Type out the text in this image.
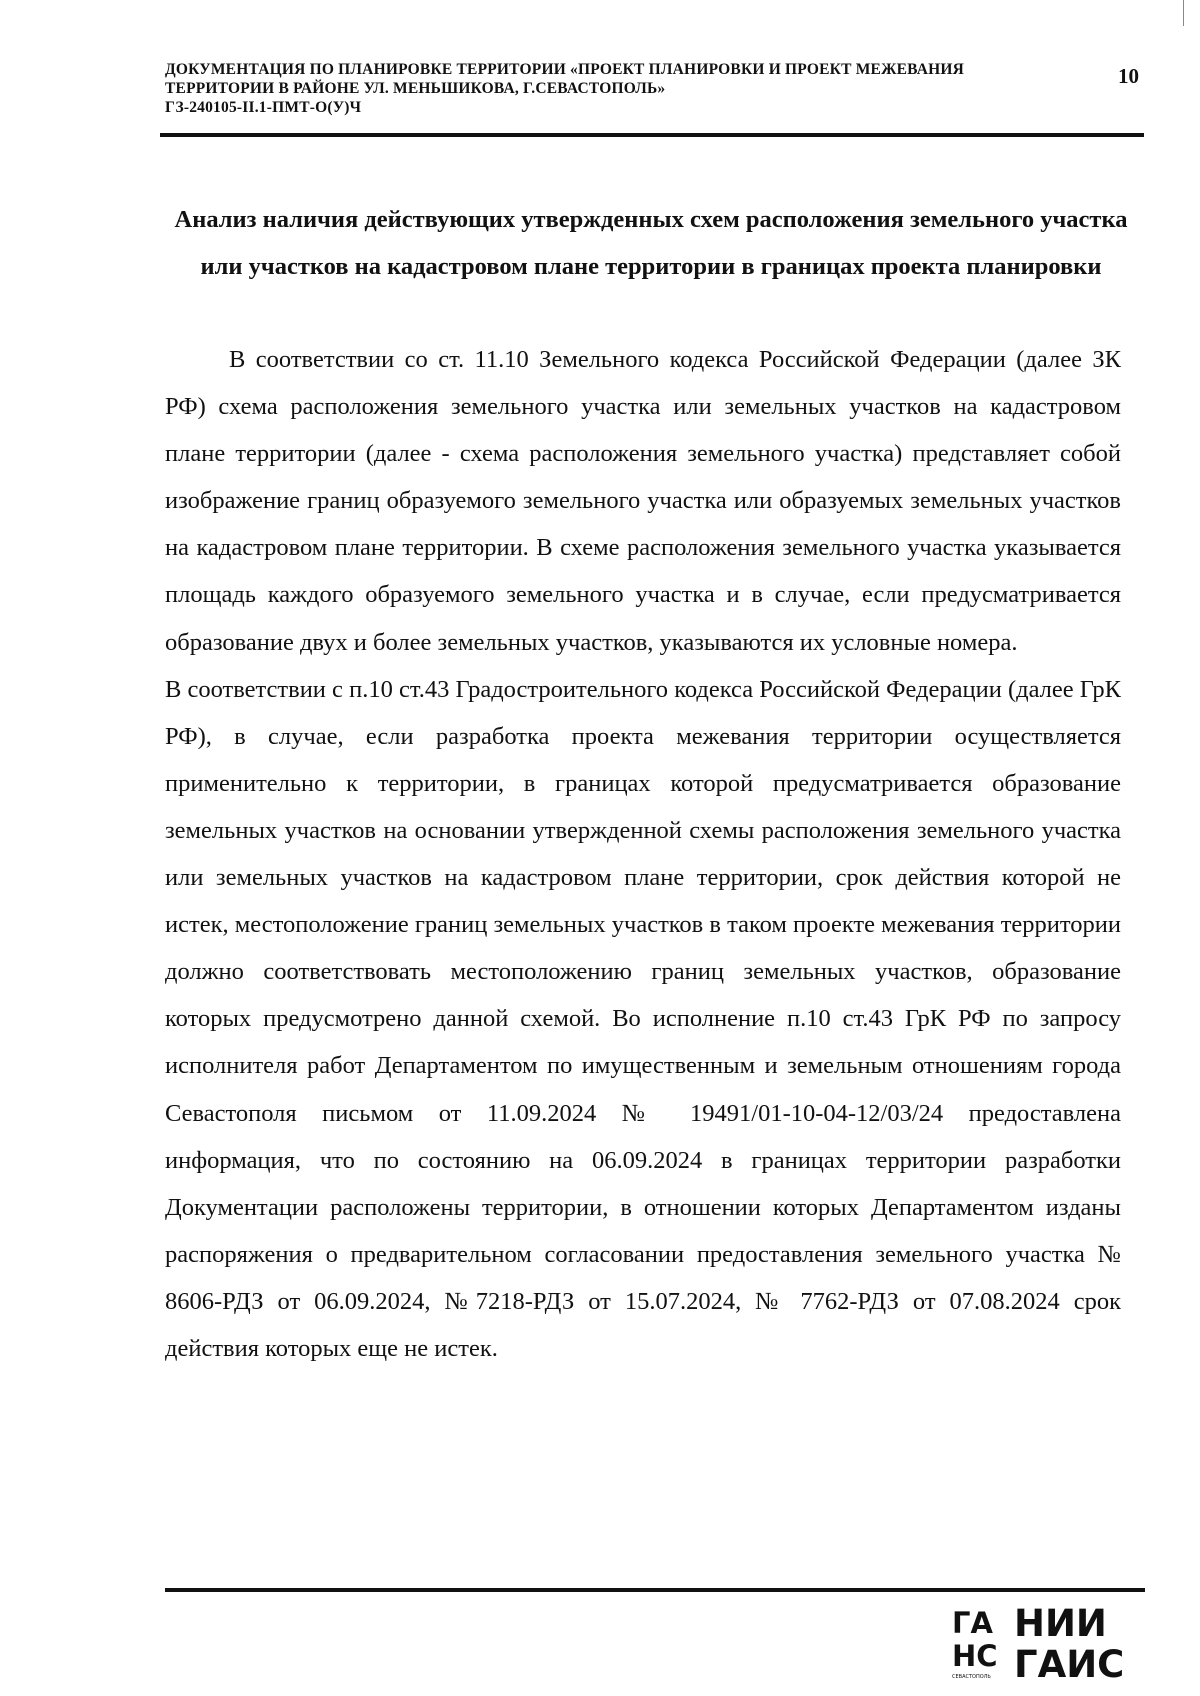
ДОКУМЕНТАЦИЯ ПО ПЛАНИРОВКЕ ТЕРРИТОРИИ «ПРОЕКТ ПЛАНИРОВКИ И ПРОЕКТ МЕЖЕВАНИЯ
ТЕРРИТОРИИ В РАЙОНЕ УЛ. МЕНЬШИКОВА, Г.СЕВАСТОПОЛЬ»
ГЗ-240105-II.1-ПМТ-О(У)Ч
10
Анализ наличия действующих утвержденных схем расположения земельного участка или участков на кадастровом плане территории в границах проекта планировки

В соответствии со ст. 11.10 Земельного кодекса Российской Федерации (далее ЗК РФ) схема расположения земельного участка или земельных участков на кадастровом плане территории (далее - схема расположения земельного участка) представляет собой изображение границ образуемого земельного участка или образуемых земельных участков на кадастровом плане территории. В схеме расположения земельного участка указывается площадь каждого образуемого земельного участка и в случае, если предусматривается образование двух и более земельных участков, указываются их условные номера.

В соответствии с п.10 ст.43 Градостроительного кодекса Российской Федерации (далее ГрК РФ), в случае, если разработка проекта межевания территории осуществляется применительно к территории, в границах которой предусматривается образование земельных участков на основании утвержденной схемы расположения земельного участка или земельных участков на кадастровом плане территории, срок действия которой не истек, местоположение границ земельных участков в таком проекте межевания территории должно соответствовать местоположению границ земельных участков, образование которых предусмотрено данной схемой. Во исполнение п.10 ст.43 ГрК РФ по запросу исполнителя работ Департаментом по имущественным и земельным отношениям города Севастополя письмом от 11.09.2024 № 19491/01-10-04-12/03/24 предоставлена информация, что по состоянию на 06.09.2024 в границах территории разработки Документации расположены территории, в отношении которых Департаментом изданы распоряжения о предварительном согласовании предоставления земельного участка № 8606-РДЗ от 06.09.2024, №7218-РДЗ от 15.07.2024, № 7762-РДЗ от 07.08.2024 срок действия которых еще не истек.

ГА
НС
СЕВАСТОПОЛЬ
НИИ
ГАИС
